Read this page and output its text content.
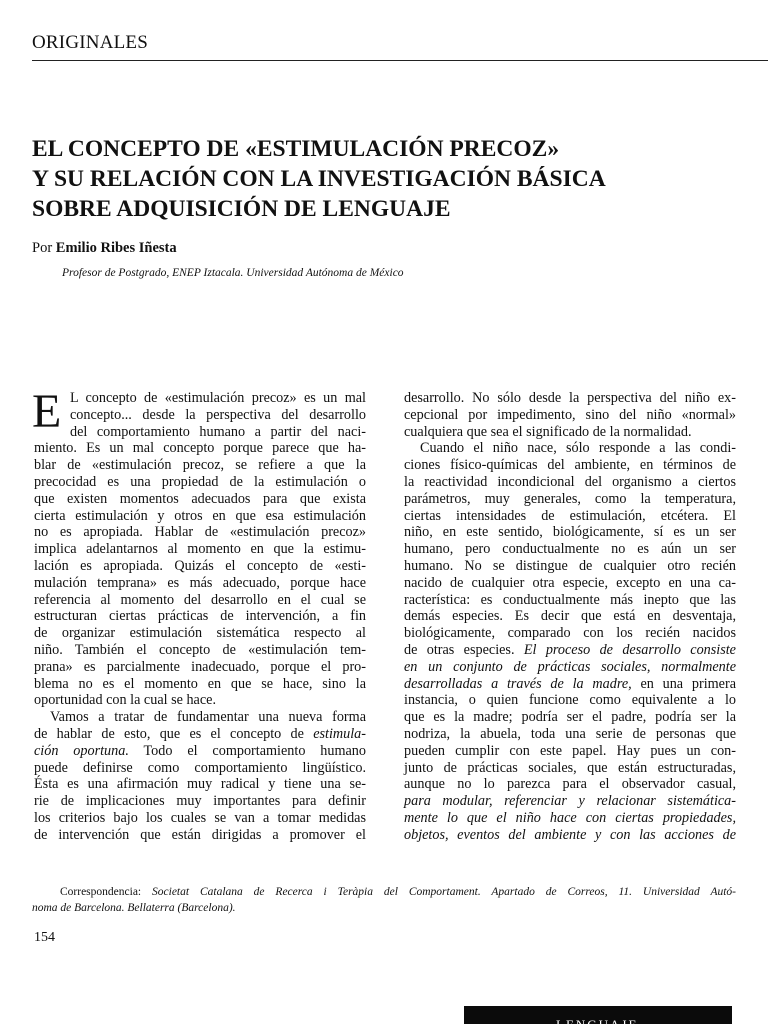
ORIGINALES
EL CONCEPTO DE «ESTIMULACIÓN PRECOZ»
Y SU RELACIÓN CON LA INVESTIGACIÓN BÁSICA
SOBRE ADQUISICIÓN DE LENGUAJE
Por Emilio Ribes Iñesta
Profesor de Postgrado, ENEP Iztacala. Universidad Autónoma de México
E L concepto de «estimulación precoz» es un mal
concepto... desde la perspectiva del desarrollo
del comportamiento humano a partir del naci-
miento. Es un mal concepto porque parece que ha-
blar de «estimulación precoz, se refiere a que la
precocidad es una propiedad de la estimulación o
que existen momentos adecuados para que exista
cierta estimulación y otros en que esa estimulación
no es apropiada. Hablar de «estimulación precoz»
implica adelantarnos al momento en que la estimu-
lación es apropiada. Quizás el concepto de «esti-
mulación temprana» es más adecuado, porque hace
referencia al momento del desarrollo en el cual se
estructuran ciertas prácticas de intervención, a fin
de organizar estimulación sistemática respecto al
niño. También el concepto de «estimulación tem-
prana» es parcialmente inadecuado, porque el pro-
blema no es el momento en que se hace, sino la
oportunidad con la cual se hace.
Vamos a tratar de fundamentar una nueva forma
de hablar de esto, que es el concepto de estimula-
ción oportuna. Todo el comportamiento humano
puede definirse como comportamiento lingüístico.
Ésta es una afirmación muy radical y tiene una se-
rie de implicaciones muy importantes para definir
los criterios bajo los cuales se van a tomar medidas
de intervención que están dirigidas a promover el
desarrollo. No sólo desde la perspectiva del niño ex-
cepcional por impedimento, sino del niño «normal»
cualquiera que sea el significado de la normalidad.
Cuando el niño nace, sólo responde a las condi-
ciones físico-químicas del ambiente, en términos de
la reactividad incondicional del organismo a ciertos
parámetros, muy generales, como la temperatura,
ciertas intensidades de estimulación, etcétera. El
niño, en este sentido, biológicamente, sí es un ser
humano, pero conductualmente no es aún un ser
humano. No se distingue de cualquier otro recién
nacido de cualquier otra especie, excepto en una ca-
racterística: es conductualmente más inepto que las
demás especies. Es decir que está en desventaja,
biológicamente, comparado con los recién nacidos
de otras especies. El proceso de desarrollo consiste
en un conjunto de prácticas sociales, normalmente
desarrolladas a través de la madre, en una primera
instancia, o quien funcione como equivalente a lo
que es la madre; podría ser el padre, podría ser la
nodriza, la abuela, toda una serie de personas que
pueden cumplir con este papel. Hay pues un con-
junto de prácticas sociales, que están estructuradas,
aunque no lo parezca para el observador casual,
para modular, referenciar y relacionar sistemática-
mente lo que el niño hace con ciertas propiedades,
objetos, eventos del ambiente y con las acciones de
Correspondencia: Societat Catalana de Recerca i Teràpia del Comportament. Apartado de Correos, 11. Universidad Autó-
noma de Barcelona. Bellaterra (Barcelona).
154
LENGUAJE
